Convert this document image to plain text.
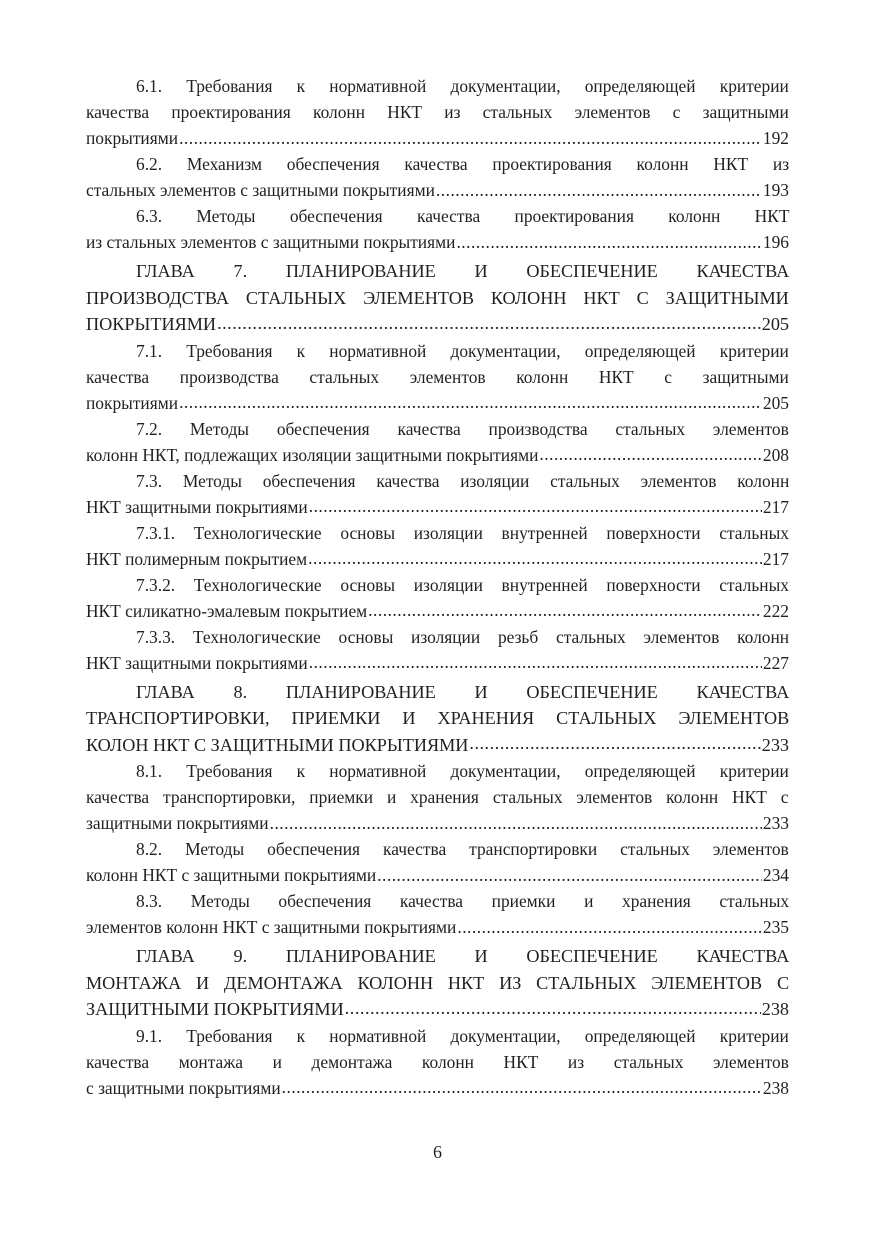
6.1. Требования к нормативной документации, определяющей критерии
качества проектирования колонн НКТ из стальных элементов с защитными
покрытиями .....	192
6.2. Механизм обеспечения качества проектирования колонн НКТ из
стальных элементов с защитными покрытиями .....	193
6.3. Методы обеспечения качества проектирования колонн НКТ
из стальных элементов с защитными покрытиями .....	196
ГЛАВА 7. ПЛАНИРОВАНИЕ И ОБЕСПЕЧЕНИЕ КАЧЕСТВА
ПРОИЗВОДСТВА СТАЛЬНЫХ ЭЛЕМЕНТОВ КОЛОНН НКТ С ЗАЩИТНЫМИ
ПОКРЫТИЯМИ .....	205
7.1. Требования к нормативной документации, определяющей критерии
качества производства стальных элементов колонн НКТ с защитными
покрытиями .....	205
7.2. Методы обеспечения качества производства стальных элементов
колонн НКТ, подлежащих изоляции защитными покрытиями .....	208
7.3. Методы обеспечения качества изоляции стальных элементов колонн
НКТ защитными покрытиями .....	217
7.3.1. Технологические основы изоляции внутренней поверхности стальных
НКТ полимерным покрытием .....	217
7.3.2. Технологические основы изоляции внутренней поверхности стальных
НКТ силикатно-эмалевым покрытием .....	222
7.3.3. Технологические основы изоляции резьб стальных элементов колонн
НКТ защитными покрытиями .....	227
ГЛАВА 8. ПЛАНИРОВАНИЕ И ОБЕСПЕЧЕНИЕ КАЧЕСТВА
ТРАНСПОРТИРОВКИ, ПРИЕМКИ И ХРАНЕНИЯ СТАЛЬНЫХ ЭЛЕМЕНТОВ
КОЛОН НКТ С ЗАЩИТНЫМИ ПОКРЫТИЯМИ .....	233
8.1. Требования к нормативной документации, определяющей критерии
качества транспортировки, приемки и хранения стальных элементов колонн НКТ с
защитными покрытиями .....	233
8.2. Методы обеспечения качества транспортировки стальных элементов
колонн НКТ с защитными покрытиями .....	234
8.3. Методы обеспечения качества приемки и хранения стальных
элементов колонн НКТ с защитными покрытиями .....	235
ГЛАВА 9. ПЛАНИРОВАНИЕ И ОБЕСПЕЧЕНИЕ КАЧЕСТВА
МОНТАЖА И ДЕМОНТАЖА КОЛОНН НКТ ИЗ СТАЛЬНЫХ ЭЛЕМЕНТОВ С
ЗАЩИТНЫМИ ПОКРЫТИЯМИ .....	238
9.1. Требования к нормативной документации, определяющей критерии
качества монтажа и демонтажа колонн НКТ из стальных элементов
с защитными покрытиями .....	238
6
